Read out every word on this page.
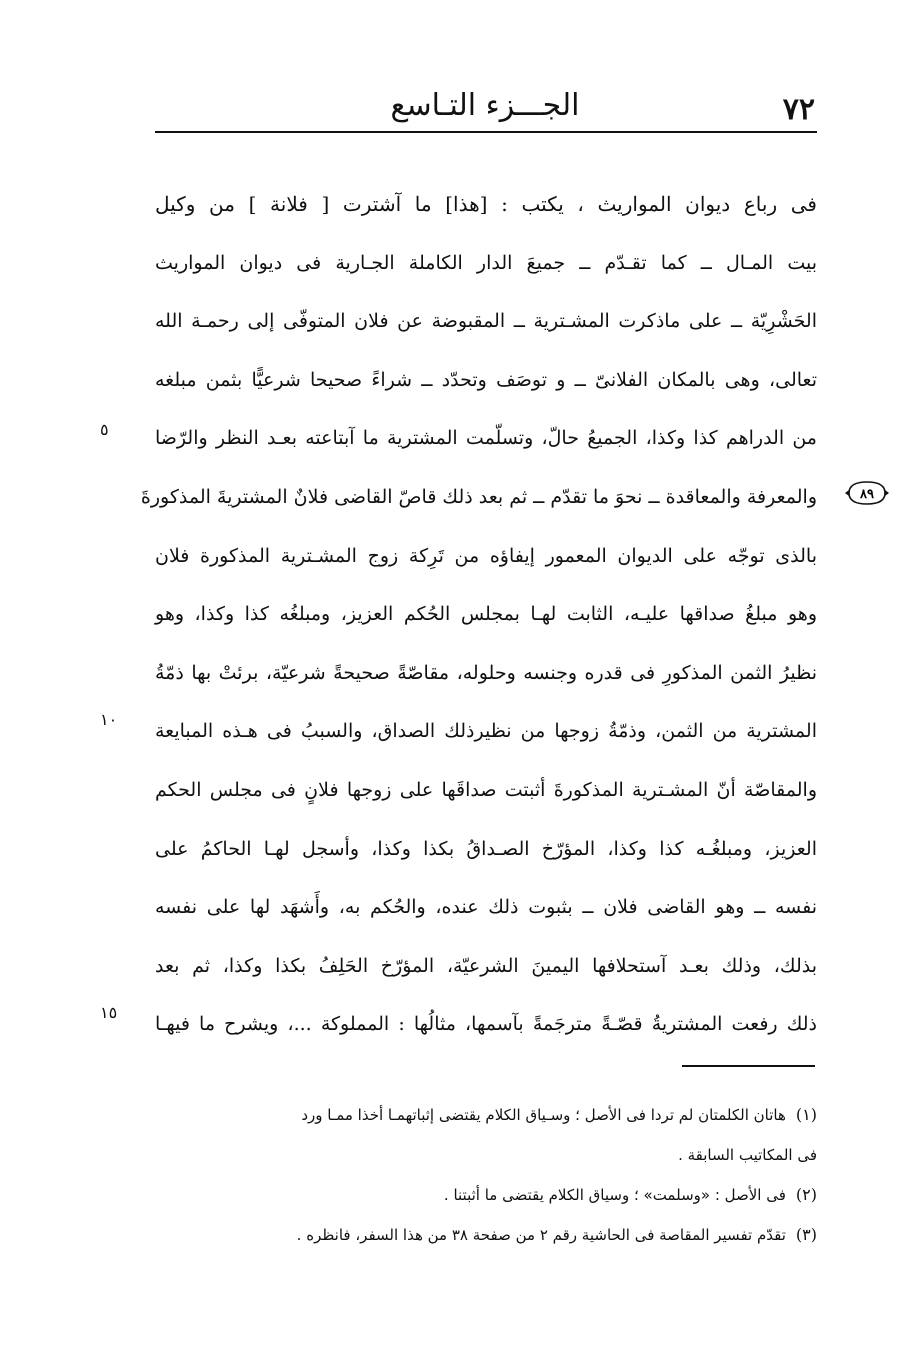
٧٢
الجـــزء التـاسع
فى رباع ديوان المواريث ، يكتب : [هذا] ما آشترت [ فلانة ] من وكيل
بيت المـال ــ كما تقـدّم ــ جميعَ الدار الكاملة الجـارية فى ديوان المواريث
الحَشْرِيّة ــ على ماذكرت المشـترية ــ المقبوضة عن فلان المتوفّى إلى رحمـة الله
تعالى، وهى بالمكان الفلانىّ ــ و توصَف وتحدّد ــ شراءً صحيحا شرعيًّا بثمن مبلغه
من الدراهم كذا وكذا، الجميعُ حالّ، وتسلّمت المشترية ما آبتاعته بعـد النظر والرّضا
والمعرفة والمعاقدة ــ نحوَ ما تقدّم ــ ثم بعد ذلك قاصّ القاضى فلانٌ المشتريةَ المذكورةَ
بالذى توجّه على الديوان المعمور إيفاؤه من تَرِكة زوج المشـترية المذكورة فلان
وهو مبلغُ صداقها عليـه، الثابت لهـا بمجلس الحُكم العزيز، ومبلغُه كذا وكذا، وهو
نظيرُ الثمن المذكورِ فى قدره وجنسه وحلوله، مقاصّةً صحيحةً شرعيّة، برئتْ بها ذمّةُ
المشترية من الثمن، وذمّةُ زوجها من نظيرذلك الصداق، والسببُ فى هـذه المبايعة
والمقاصّة أنّ المشـترية المذكورةَ أثبتت صداقَها على زوجها فلانٍ فى مجلس الحكم
العزيز، ومبلغُـه كذا وكذا، المؤرّخ الصـداقُ بكذا وكذا، وأسجل لهـا الحاكمُ على
نفسه ــ وهو القاضى فلان ــ بثبوت ذلك عنده، والحُكم به، وأَشهَد لها على نفسه
بذلك، وذلك بعـد آستحلافها اليمينَ الشرعيّة، المؤرّخ الحَلِفُ بكذا وكذا، ثم بعد
ذلك رفعت المشتريةُ قصّـةً مترجَمةً بآسمها، مثالُها : المملوكة ...، ويشرح ما فيهـا
٥
١٠
١٥
٨٩
(١)هاتان الكلمتان لم تردا فى الأصل ؛ وسـياق الكلام يقتضى إثباتهمـا أخذا ممـا ورد
فى المكاتيب السابقة .
(٢)فى الأصل : «وسلمت» ؛ وسياق الكلام يقتضى ما أثبتنا .
(٣)تقدّم تفسير المقاصة فى الحاشية رقم ٢ من صفحة ٣٨ من هذا السفر، فانظره .
